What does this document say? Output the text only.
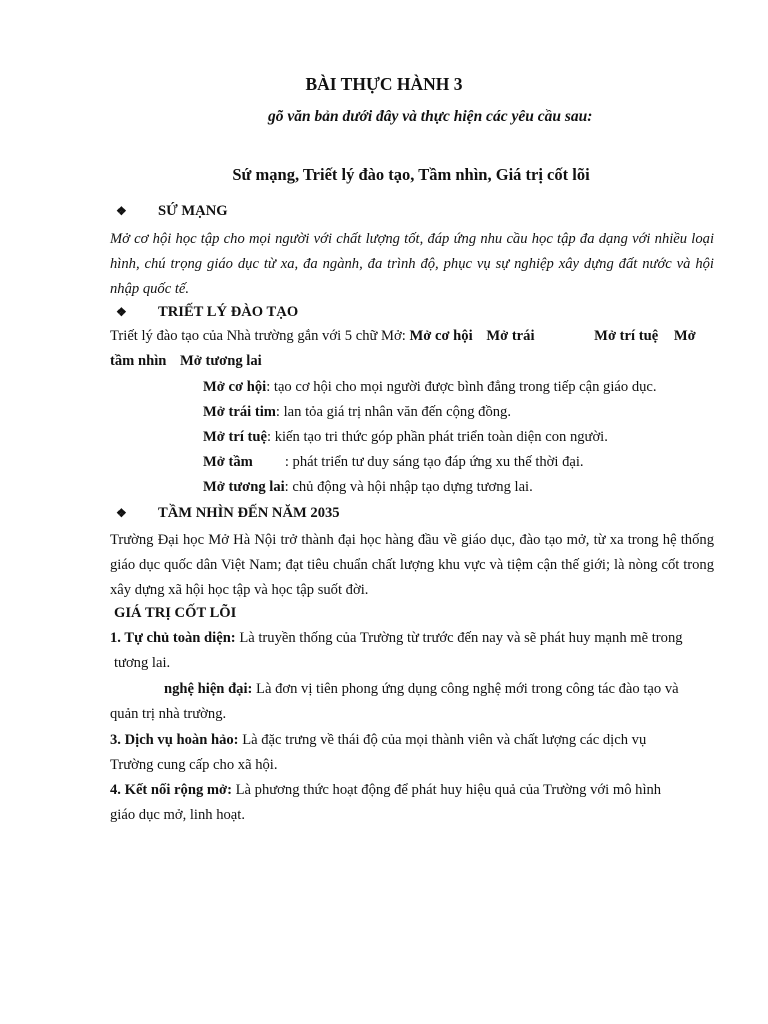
BÀI THỰC HÀNH 3
gõ văn bản dưới đây và thực hiện các yêu cầu sau:
Sứ mạng, Triết lý đào tạo, Tầm nhìn, Giá trị cốt lõi
❖ SỨ MẠNG
Mở cơ hội học tập cho mọi người với chất lượng tốt, đáp ứng nhu cầu học tập đa dạng với nhiều loại hình, chú trọng giáo dục từ xa, đa ngành, đa trình độ, phục vụ sự nghiệp xây dựng đất nước và hội nhập quốc tế.
❖ TRIẾT LÝ ĐÀO TẠO
Triết lý đào tạo của Nhà trường gắn với 5 chữ Mở: Mở cơ hội Mở trái	Mở trí tuệ Mở
tầm nhìn Mở tương lai
Mở cơ hội: tạo cơ hội cho mọi người được bình đẳng trong tiếp cận giáo dục.
Mở trái tim: lan tỏa giá trị nhân văn đến cộng đồng.
Mở trí tuệ: kiến tạo tri thức góp phần phát triển toàn diện con người.
Mở tầm : phát triển tư duy sáng tạo đáp ứng xu thế thời đại.
Mở tương lai: chủ động và hội nhập tạo dựng tương lai.
❖ TẦM NHÌN ĐẾN NĂM 2035
Trường Đại học Mở Hà Nội trở thành đại học hàng đầu về giáo dục, đào tạo mở, từ xa trong hệ thống giáo dục quốc dân Việt Nam; đạt tiêu chuẩn chất lượng khu vực và tiệm cận thế giới; là nòng cốt trong xây dựng xã hội học tập và học tập suốt đời.
GIÁ TRỊ CỐT LÕI
1. Tự chủ toàn diện: Là truyền thống của Trường từ trước đến nay và sẽ phát huy mạnh mẽ trong
tương lai.
nghệ hiện đại: Là đơn vị tiên phong ứng dụng công nghệ mới trong công tác đào tạo và
quản trị nhà trường.
3. Dịch vụ hoàn hảo: Là đặc trưng về thái độ của mọi thành viên và chất lượng các dịch vụ
Trường cung cấp cho xã hội.
4. Kết nối rộng mở: Là phương thức hoạt động để phát huy hiệu quả của Trường với mô hình
giáo dục mở, linh hoạt.
